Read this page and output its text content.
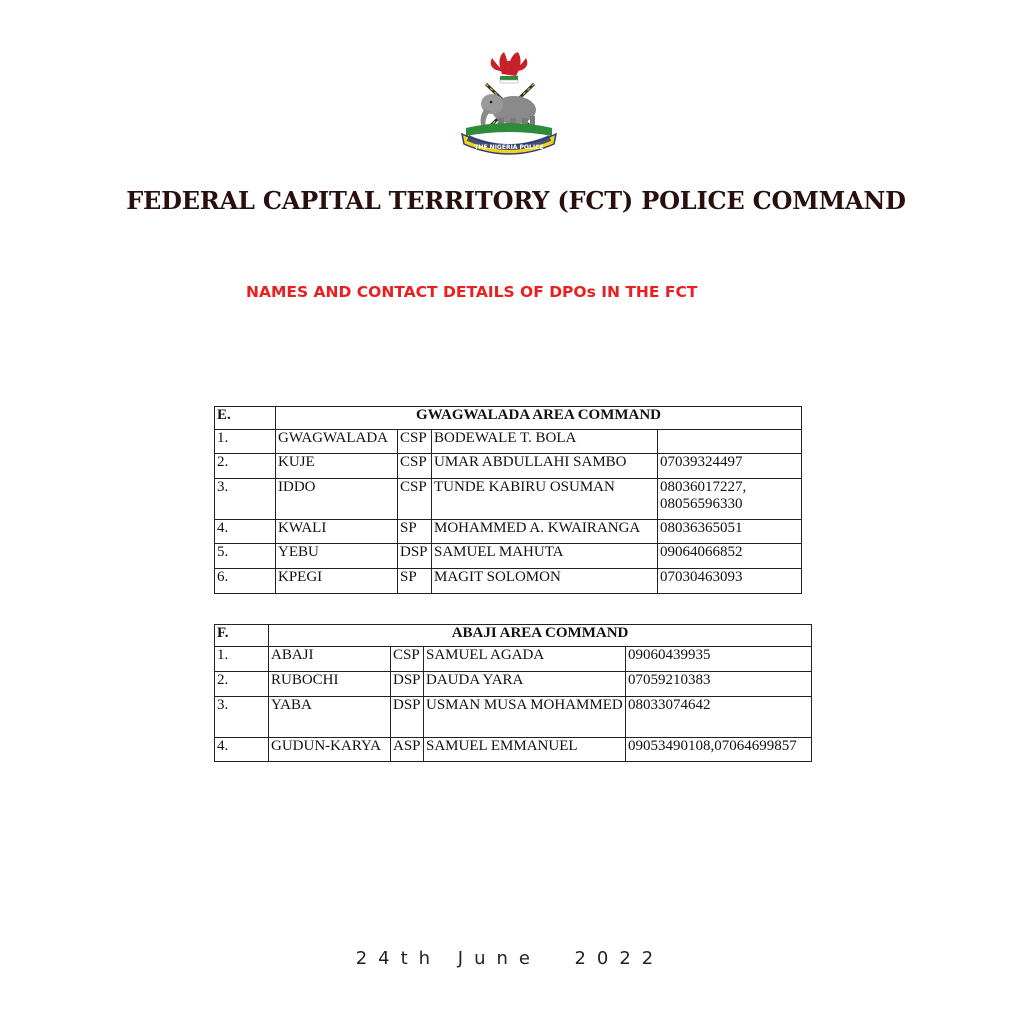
THE NIGERIA POLICE
FEDERAL CAPITAL TERRITORY (FCT) POLICE COMMAND
NAMES AND CONTACT DETAILS OF DPOs IN THE FCT
E.	GWAGWALADA AREA COMMAND			
1.	GWAGWALADA	CSP	BODEWALE T. BOLA	
2.	KUJE	CSP	UMAR ABDULLAHI SAMBO	07039324497
3.	IDDO	CSP	TUNDE KABIRU OSUMAN	08036017227, 08056596330
4.	KWALI	SP	MOHAMMED A. KWAIRANGA	08036365051
5.	YEBU	DSP	SAMUEL MAHUTA	09064066852
6.	KPEGI	SP	MAGIT SOLOMON	07030463093
F.	ABAJI AREA COMMAND			
1.	ABAJI	CSP	SAMUEL AGADA	09060439935
2.	RUBOCHI	DSP	DAUDA YARA	07059210383
3.	YABA	DSP	USMAN MUSA MOHAMMED	08033074642
4.	GUDUN-KARYA	ASP	SAMUEL EMMANUEL	09053490108,07064699857
24th June  2022
